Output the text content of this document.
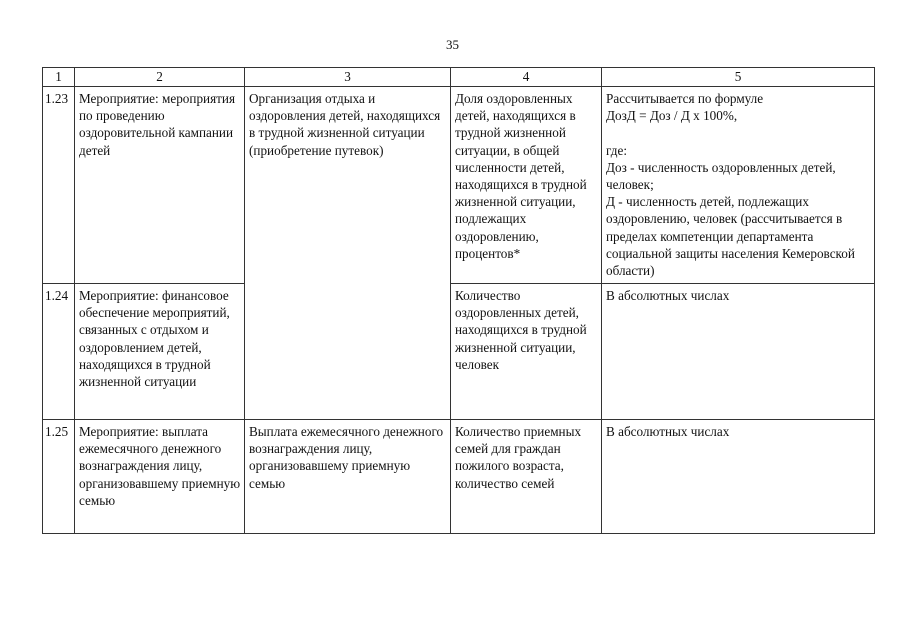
35
1	2	3	4	5
1.23	Мероприятие: мероприятия по проведению оздоровительной кампании детей	Организация отдыха и оздоровления детей, находящихся в трудной жизненной ситуации (приобретение путевок)	Доля оздоровленных детей, находящихся в трудной жизненной ситуации, в общей численности детей, находящихся в трудной жизненной ситуации, подлежащих оздоровлению, процентов*	Рассчитывается по формуле
ДозД = Доз / Д х 100%,
где:
Доз - численность оздоровленных детей, человек;
Д - численность детей, подлежащих оздоровлению, человек (рассчитывается в пределах компетенции департамента социальной защиты населения Кемеровской области)

1.24	Мероприятие: финансовое обеспечение мероприятий, связанных с отдыхом и оздоровлением детей, находящихся в трудной жизненной ситуации		Количество оздоровленных детей, находящихся в трудной жизненной ситуации, человек	В абсолютных числах
1.25	Мероприятие: выплата ежемесячного денежного вознаграждения лицу, организовавшему приемную семью	Выплата ежемесячного денежного вознаграждения лицу, организовавшему приемную семью	Количество приемных семей для граждан пожилого возраста, количество семей	В абсолютных числах
